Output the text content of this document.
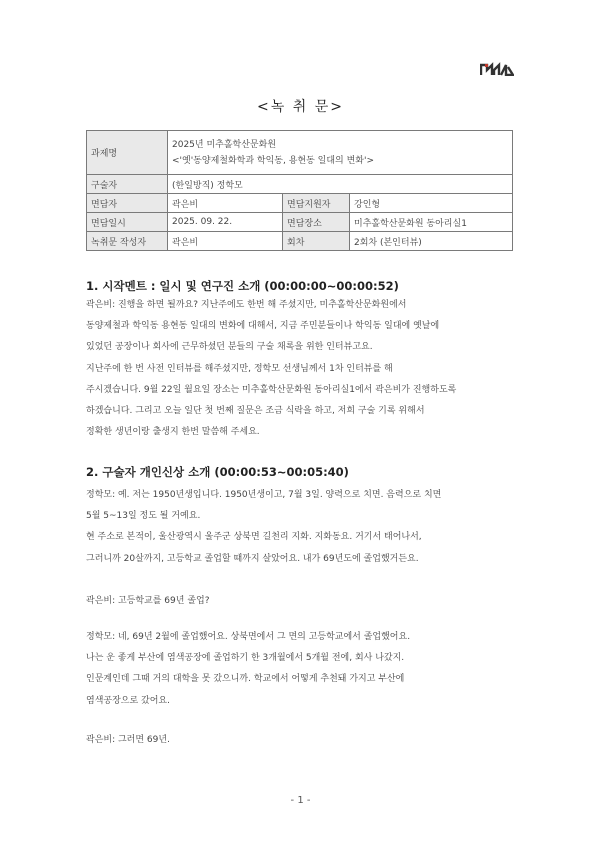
<녹 취 문>
과제명	2025년 미추홀학산문화원
<'옛'동양제철화학과 학익동, 용현동 일대의 변화'>		

구술자	(한일방직) 정학모		
면담자	곽은비	면담지원자	강인형
면담일시	2025. 09. 22.	면담장소	미추홀학산문화원 동아리실1
녹취문 작성자	곽은비	회차	2회차 (본인터뷰)
1. 시작멘트 : 일시 및 연구진 소개 (00:00:00~00:00:52)
곽은비: 진행을 하면 될까요? 지난주에도 한번 해 주셨지만, 미추홀학산문화원에서
동양제철과 학익동 용현동 일대의 변화에 대해서, 지금 주민분들이나 학익동 일대에 옛날에
있었던 공장이나 회사에 근무하셨던 분들의 구술 채록을 위한 인터뷰고요.
지난주에 한 번 사전 인터뷰를 해주셨지만, 정학모 선생님께서 1차 인터뷰를 해
주시겠습니다. 9월 22일 월요일 장소는 미추홀학산문화원 동아리실1에서 곽은비가 진행하도록
하겠습니다. 그리고 오늘 일단 첫 번째 질문은 조금 식락을 하고, 저희 구술 기록 위해서
정확한 생년이랑 출생지 한번 말씀해 주세요.
2. 구술자 개인신상 소개 (00:00:53~00:05:40)
정학모: 예. 저는 1950년생입니다. 1950년생이고, 7월 3일. 양력으로 치면. 음력으로 치면
5월 5~13일 정도 될 거예요.
현 주소로 본적이, 울산광역시 울주군 상북면 길천리 지화. 지화동요. 거기서 태어나서,
그러니까 20살까지, 고등학교 졸업할 때까지 살았어요. 내가 69년도에 졸업했거든요.
곽은비: 고등학교를 69년 졸업?
정학모: 네, 69년 2월에 졸업했어요. 상북면에서 그 면의 고등학교에서 졸업했어요.
나는 운 좋게 부산에 염색공장에 졸업하기 한 3개월에서 5개월 전에, 회사 나갔지.
인문계인데 그때 거의 대학을 못 갔으니까. 학교에서 어떻게 추천돼 가지고 부산에
염색공장으로 갔어요.
곽은비: 그러면 69년.
- 1 -
